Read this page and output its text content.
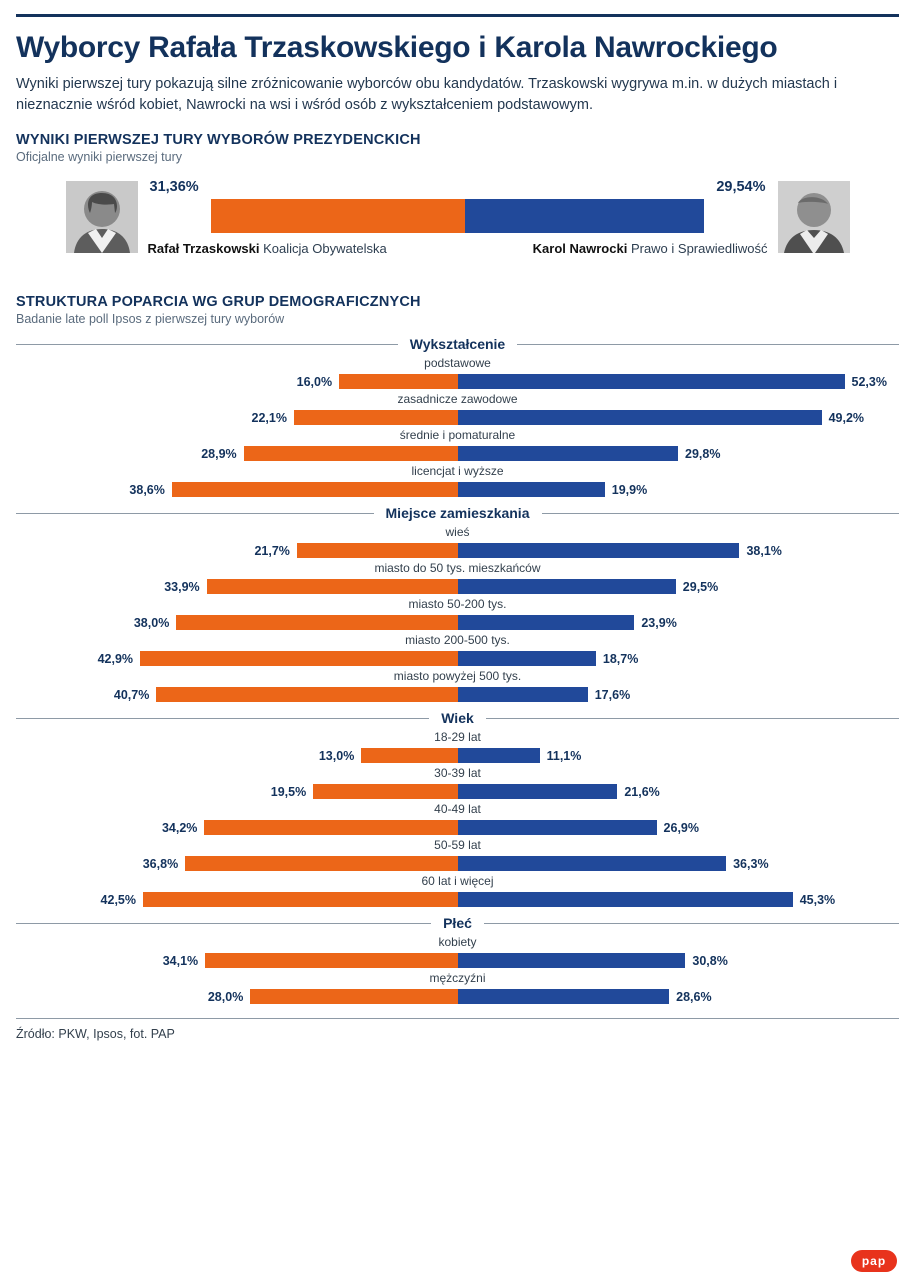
Wyborcy Rafała Trzaskowskiego i Karola Nawrockiego

Wyniki pierwszej tury pokazują silne zróżnicowanie wyborców obu kandydatów. Trzaskowski wygrywa m.in. w dużych miastach i nieznacznie wśród kobiet, Nawrocki na wsi i wśród osób z wykształceniem podstawowym.

WYNIKI PIERWSZEJ TURY WYBORÓW PREZYDENCKICH
Oficjalne wyniki pierwszej tury
31,36%	29,54%
Rafał Trzaskowski Koalicja Obywatelska	Karol Nawrocki Prawo i Sprawiedliwość
STRUKTURA POPARCIA WG GRUP DEMOGRAFICZNYCH
Badanie late poll Ipsos z pierwszej tury wyborów
Wykształcenie
podstawowe
16,0%	52,3%
zasadnicze zawodowe
22,1%	49,2%
średnie i pomaturalne
28,9%	29,8%
licencjat i wyższe
38,6%	19,9%
Miejsce zamieszkania
wieś
21,7%	38,1%
miasto do 50 tys. mieszkańców
33,9%	29,5%
miasto 50-200 tys.
38,0%	23,9%
miasto 200-500 tys.
42,9%	18,7%
miasto powyżej 500 tys.
40,7%	17,6%
Wiek
18-29 lat
13,0%	11,1%
30-39 lat
19,5%	21,6%
40-49 lat
34,2%	26,9%
50-59 lat
36,8%	36,3%
60 lat i więcej
42,5%	45,3%
Płeć
kobiety
34,1%	30,8%
mężczyźni
28,0%	28,6%
Źródło: PKW, Ipsos, fot. PAP
pap
